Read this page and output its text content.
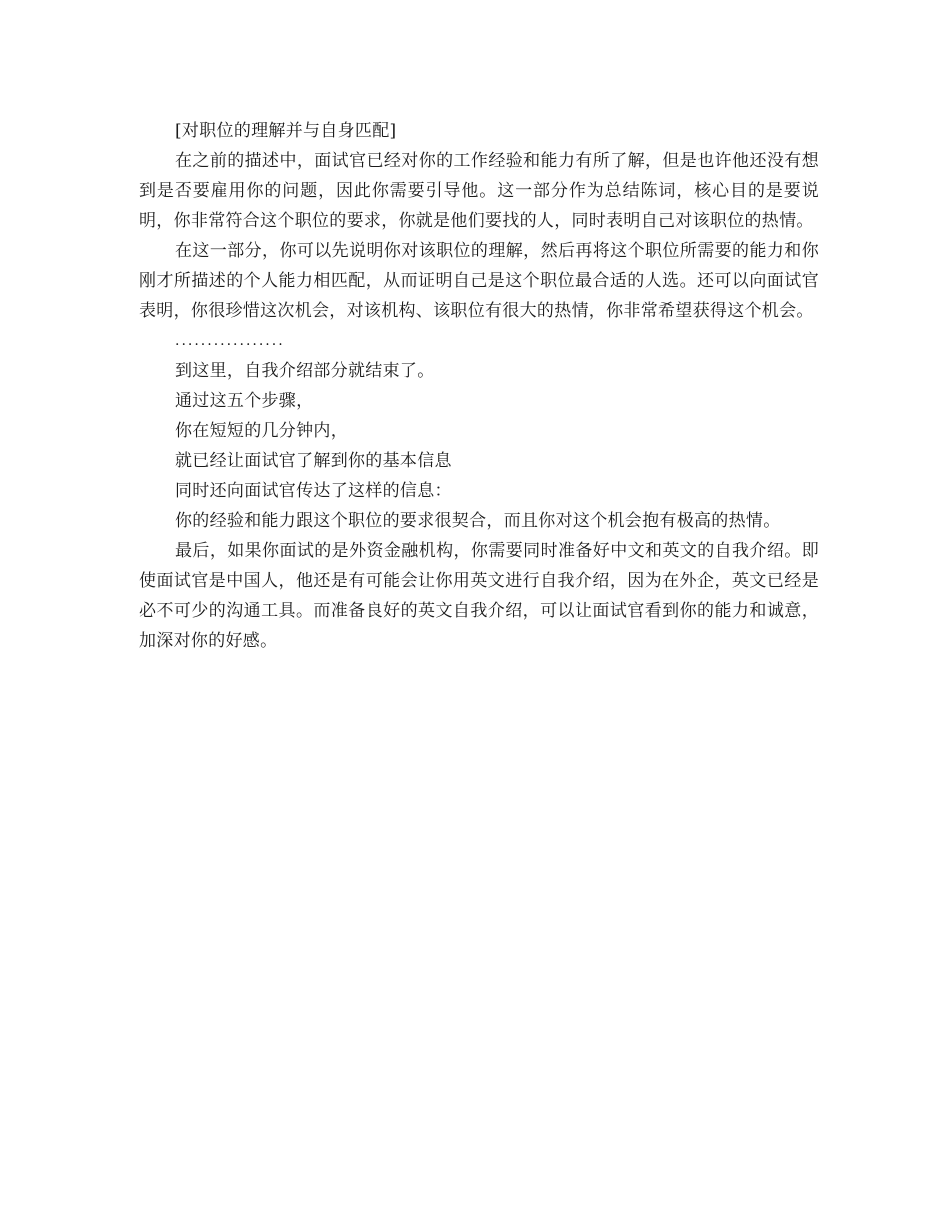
[对职位的理解并与自身匹配]

在之前的描述中，面试官已经对你的工作经验和能力有所了解，但是也许他还没有想到是否要雇用你的问题，因此你需要引导他。这一部分作为总结陈词，核心目的是要说明，你非常符合这个职位的要求，你就是他们要找的人，同时表明自己对该职位的热情。

在这一部分，你可以先说明你对该职位的理解，然后再将这个职位所需要的能力和你刚才所描述的个人能力相匹配，从而证明自己是这个职位最合适的人选。还可以向面试官表明，你很珍惜这次机会，对该机构、该职位有很大的热情，你非常希望获得这个机会。

.................

到这里，自我介绍部分就结束了。

通过这五个步骤，

你在短短的几分钟内，

就已经让面试官了解到你的基本信息

同时还向面试官传达了这样的信息：

你的经验和能力跟这个职位的要求很契合，而且你对这个机会抱有极高的热情。

最后，如果你面试的是外资金融机构，你需要同时准备好中文和英文的自我介绍。即使面试官是中国人，他还是有可能会让你用英文进行自我介绍，因为在外企，英文已经是必不可少的沟通工具。而准备良好的英文自我介绍，可以让面试官看到你的能力和诚意，加深对你的好感。
